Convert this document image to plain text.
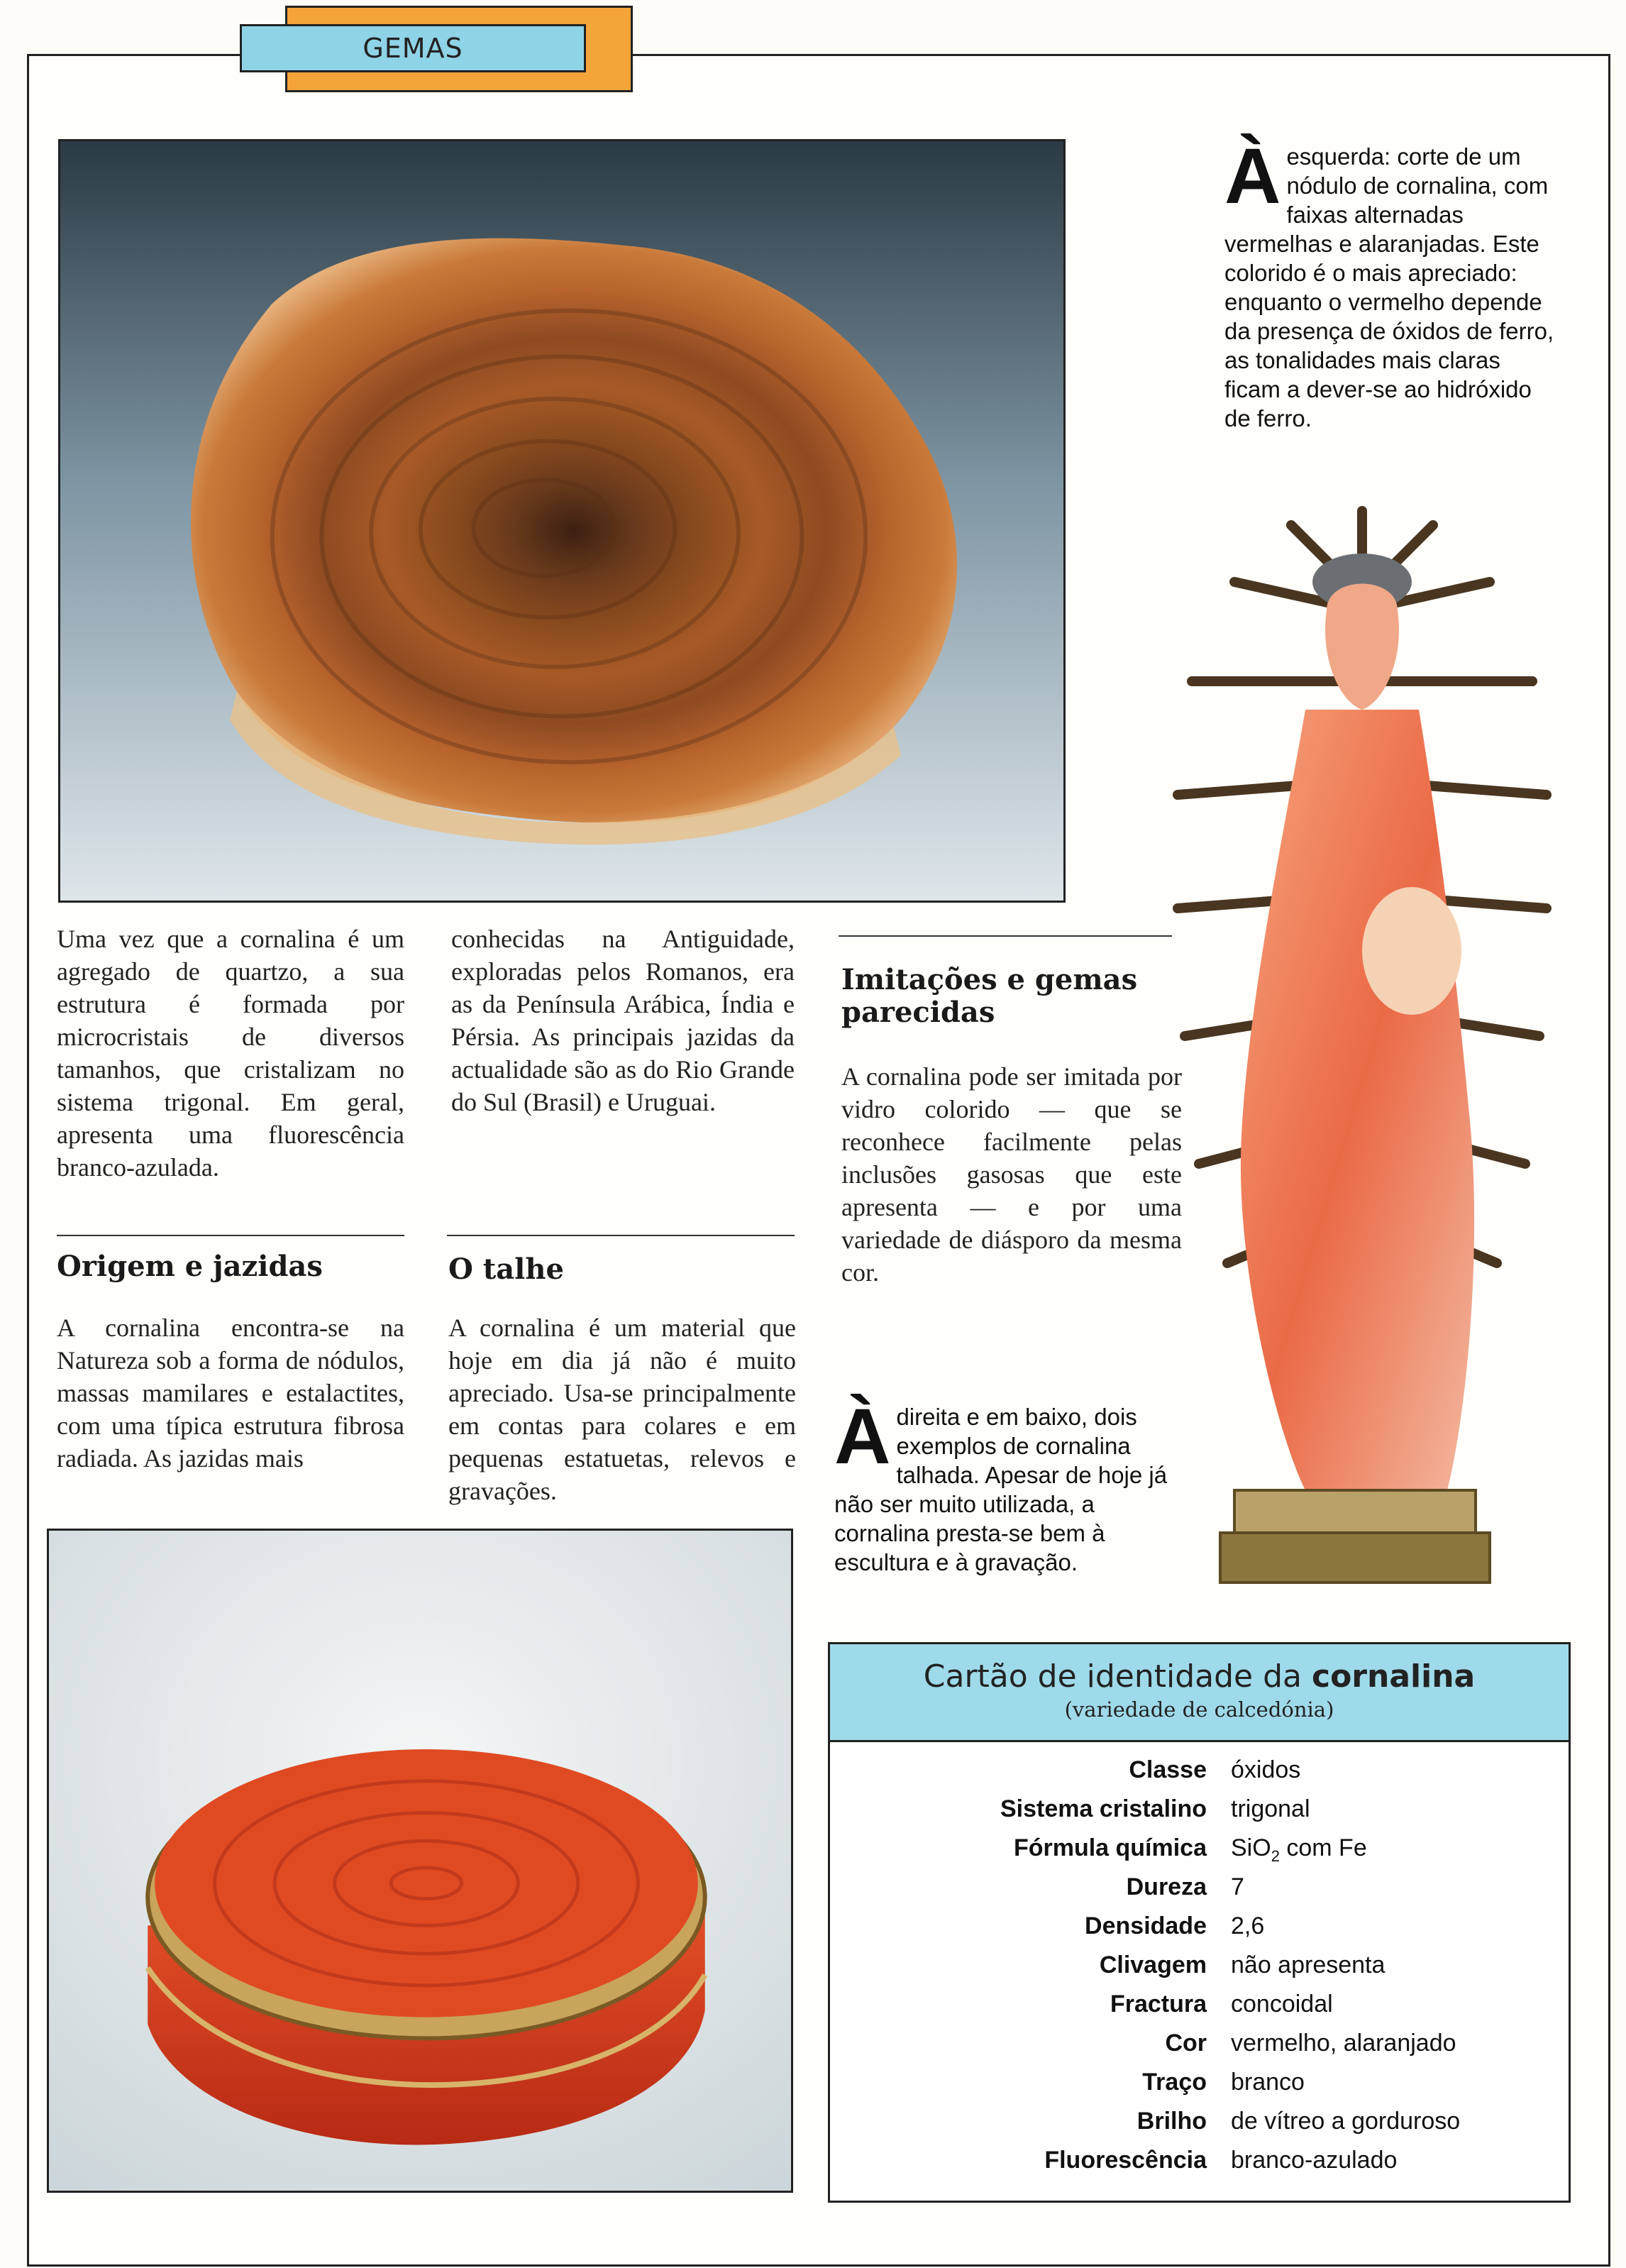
GEMAS
Àesquerda: corte de um nódulo de cornalina, com faixas alternadas vermelhas e alaranjadas. Este colorido é o mais apreciado: enquanto o vermelho depende da presença de óxidos de ferro, as tonalidades mais claras ficam a dever-se ao hidróxido de ferro.
Uma vez que a cornalina é um agregado de quartzo, a sua estrutura é formada por microcristais de diversos tamanhos, que cristalizam no sistema trigonal. Em geral, apresenta uma fluorescência branco-azulada.
Origem e jazidas
A cornalina encontra-se na Natureza sob a forma de nódulos, massas mamilares e estalactites, com uma típica estrutura fibrosa radiada. As jazidas mais
conhecidas na Antiguidade, exploradas pelos Romanos, era as da Península Arábica, Índia e Pérsia. As principais jazidas da actualidade são as do Rio Grande do Sul (Brasil) e Uruguai.
O talhe
A cornalina é um material que hoje em dia já não é muito apreciado. Usa-se principalmente em contas para colares e em pequenas estatuetas, relevos e gravações.
Imitações e gemas parecidas
A cornalina pode ser imitada por vidro colorido — que se reconhece facilmente pelas inclusões gasosas que este apresenta — e por uma variedade de diásporo da mesma cor.
Àdireita e em baixo, dois exemplos de cornalina talhada. Apesar de hoje já não ser muito utilizada, a cornalina presta-se bem à escultura e à gravação.
Cartão de identidade da cornalina
(variedade de calcedónia)
Classe óxidos
Sistema cristalino trigonal
Fórmula química SiO$_2$ com Fe
Dureza 7
Densidade 2,6
Clivagem não apresenta
Fractura concoidal
Cor vermelho, alaranjado
Traço branco
Brilho de vítreo a gorduroso
Fluorescência branco-azulado
